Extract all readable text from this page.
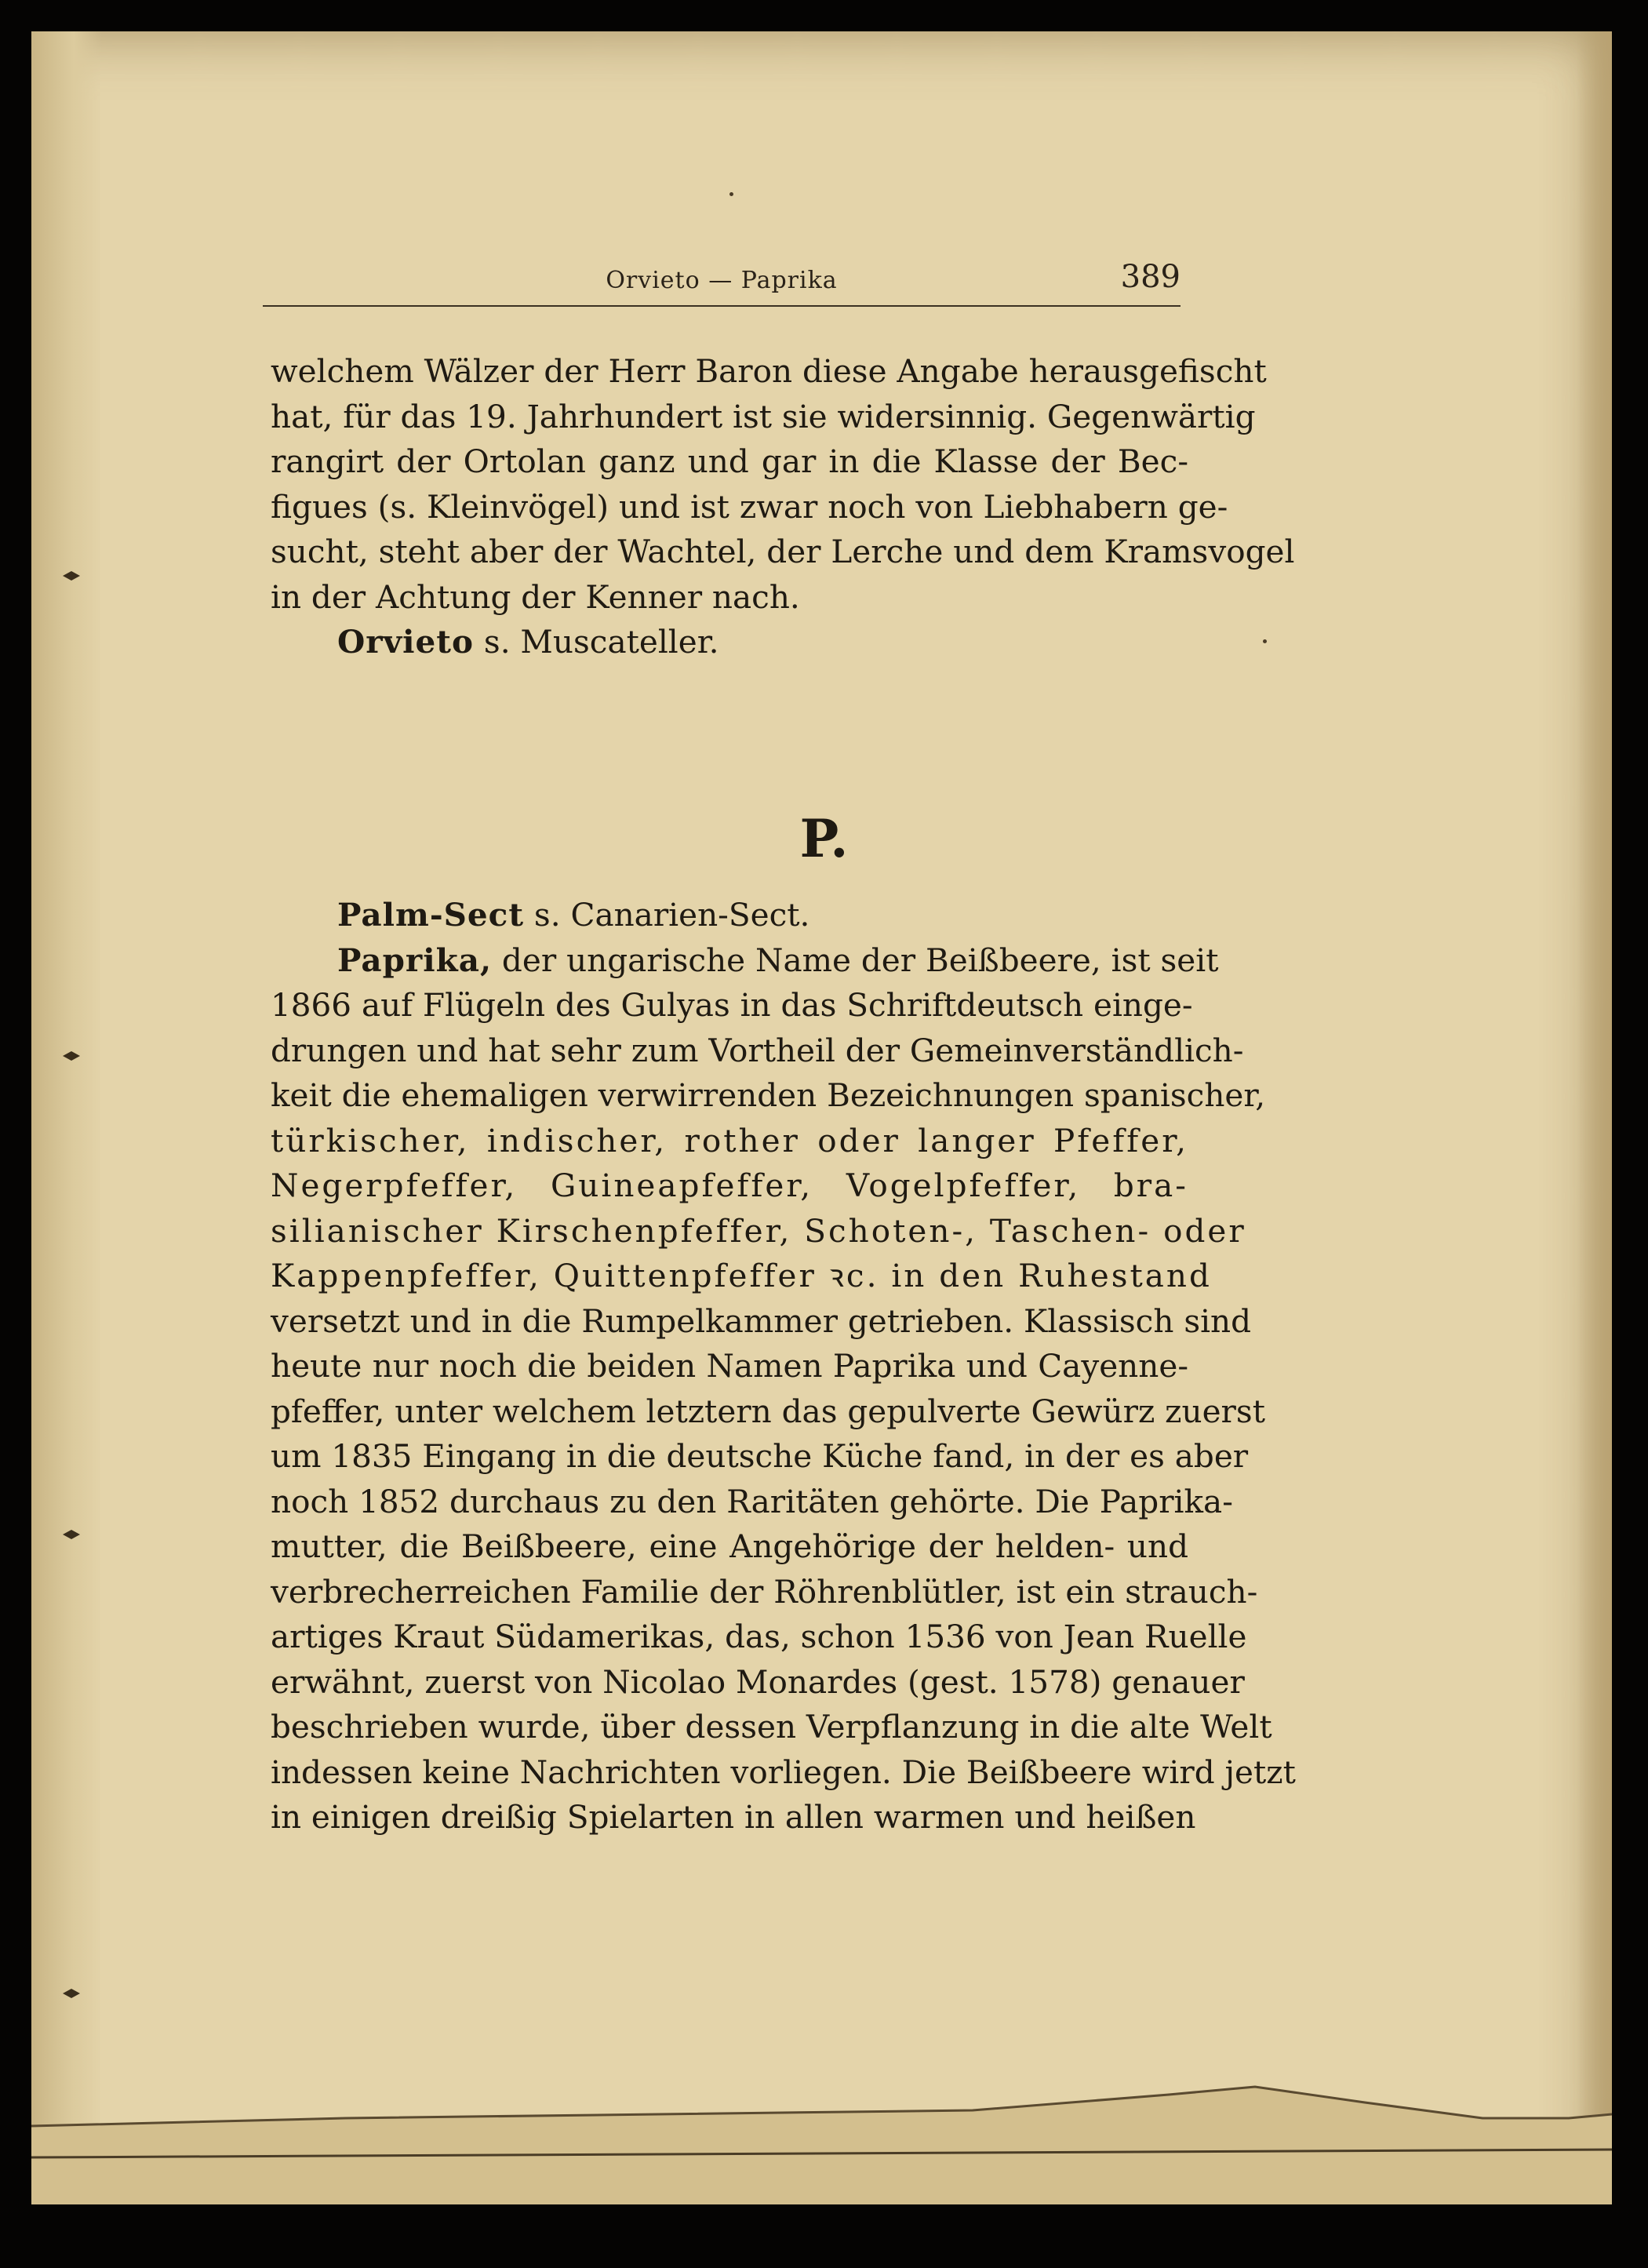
Orvieto — Paprika	389
welchem Wälzer der Herr Baron diese Angabe herausgefischt
hat, für das 19. Jahrhundert ist sie widersinnig. Gegenwärtig
rangirt der Ortolan ganz und gar in die Klasse der Bec-
figues (s. Kleinvögel) und ist zwar noch von Liebhabern ge-
sucht, steht aber der Wachtel, der Lerche und dem Kramsvogel
in der Achtung der Kenner nach.
Orvieto s. Muscateller.
P.
Palm-Sect s. Canarien-Sect.
Paprika, der ungarische Name der Beißbeere, ist seit
1866 auf Flügeln des Gulyas in das Schriftdeutsch einge-
drungen und hat sehr zum Vortheil der Gemeinverständlich-
keit die ehemaligen verwirrenden Bezeichnungen spanischer,
türkischer, indischer, rother oder langer Pfeffer,
Negerpfeffer, Guineapfeffer, Vogelpfeffer, bra-
silianischer Kirschenpfeffer, Schoten-, Taschen- oder
Kappenpfeffer, Quittenpfeffer ꝛc. in den Ruhestand
versetzt und in die Rumpelkammer getrieben. Klassisch sind
heute nur noch die beiden Namen Paprika und Cayenne-
pfeffer, unter welchem letztern das gepulverte Gewürz zuerst
um 1835 Eingang in die deutsche Küche fand, in der es aber
noch 1852 durchaus zu den Raritäten gehörte. Die Paprika-
mutter, die Beißbeere, eine Angehörige der helden- und
verbrecherreichen Familie der Röhrenblütler, ist ein strauch-
artiges Kraut Südamerikas, das, schon 1536 von Jean Ruelle
erwähnt, zuerst von Nicolao Monardes (gest. 1578) genauer
beschrieben wurde, über dessen Verpflanzung in die alte Welt
indessen keine Nachrichten vorliegen. Die Beißbeere wird jetzt
in einigen dreißig Spielarten in allen warmen und heißen
